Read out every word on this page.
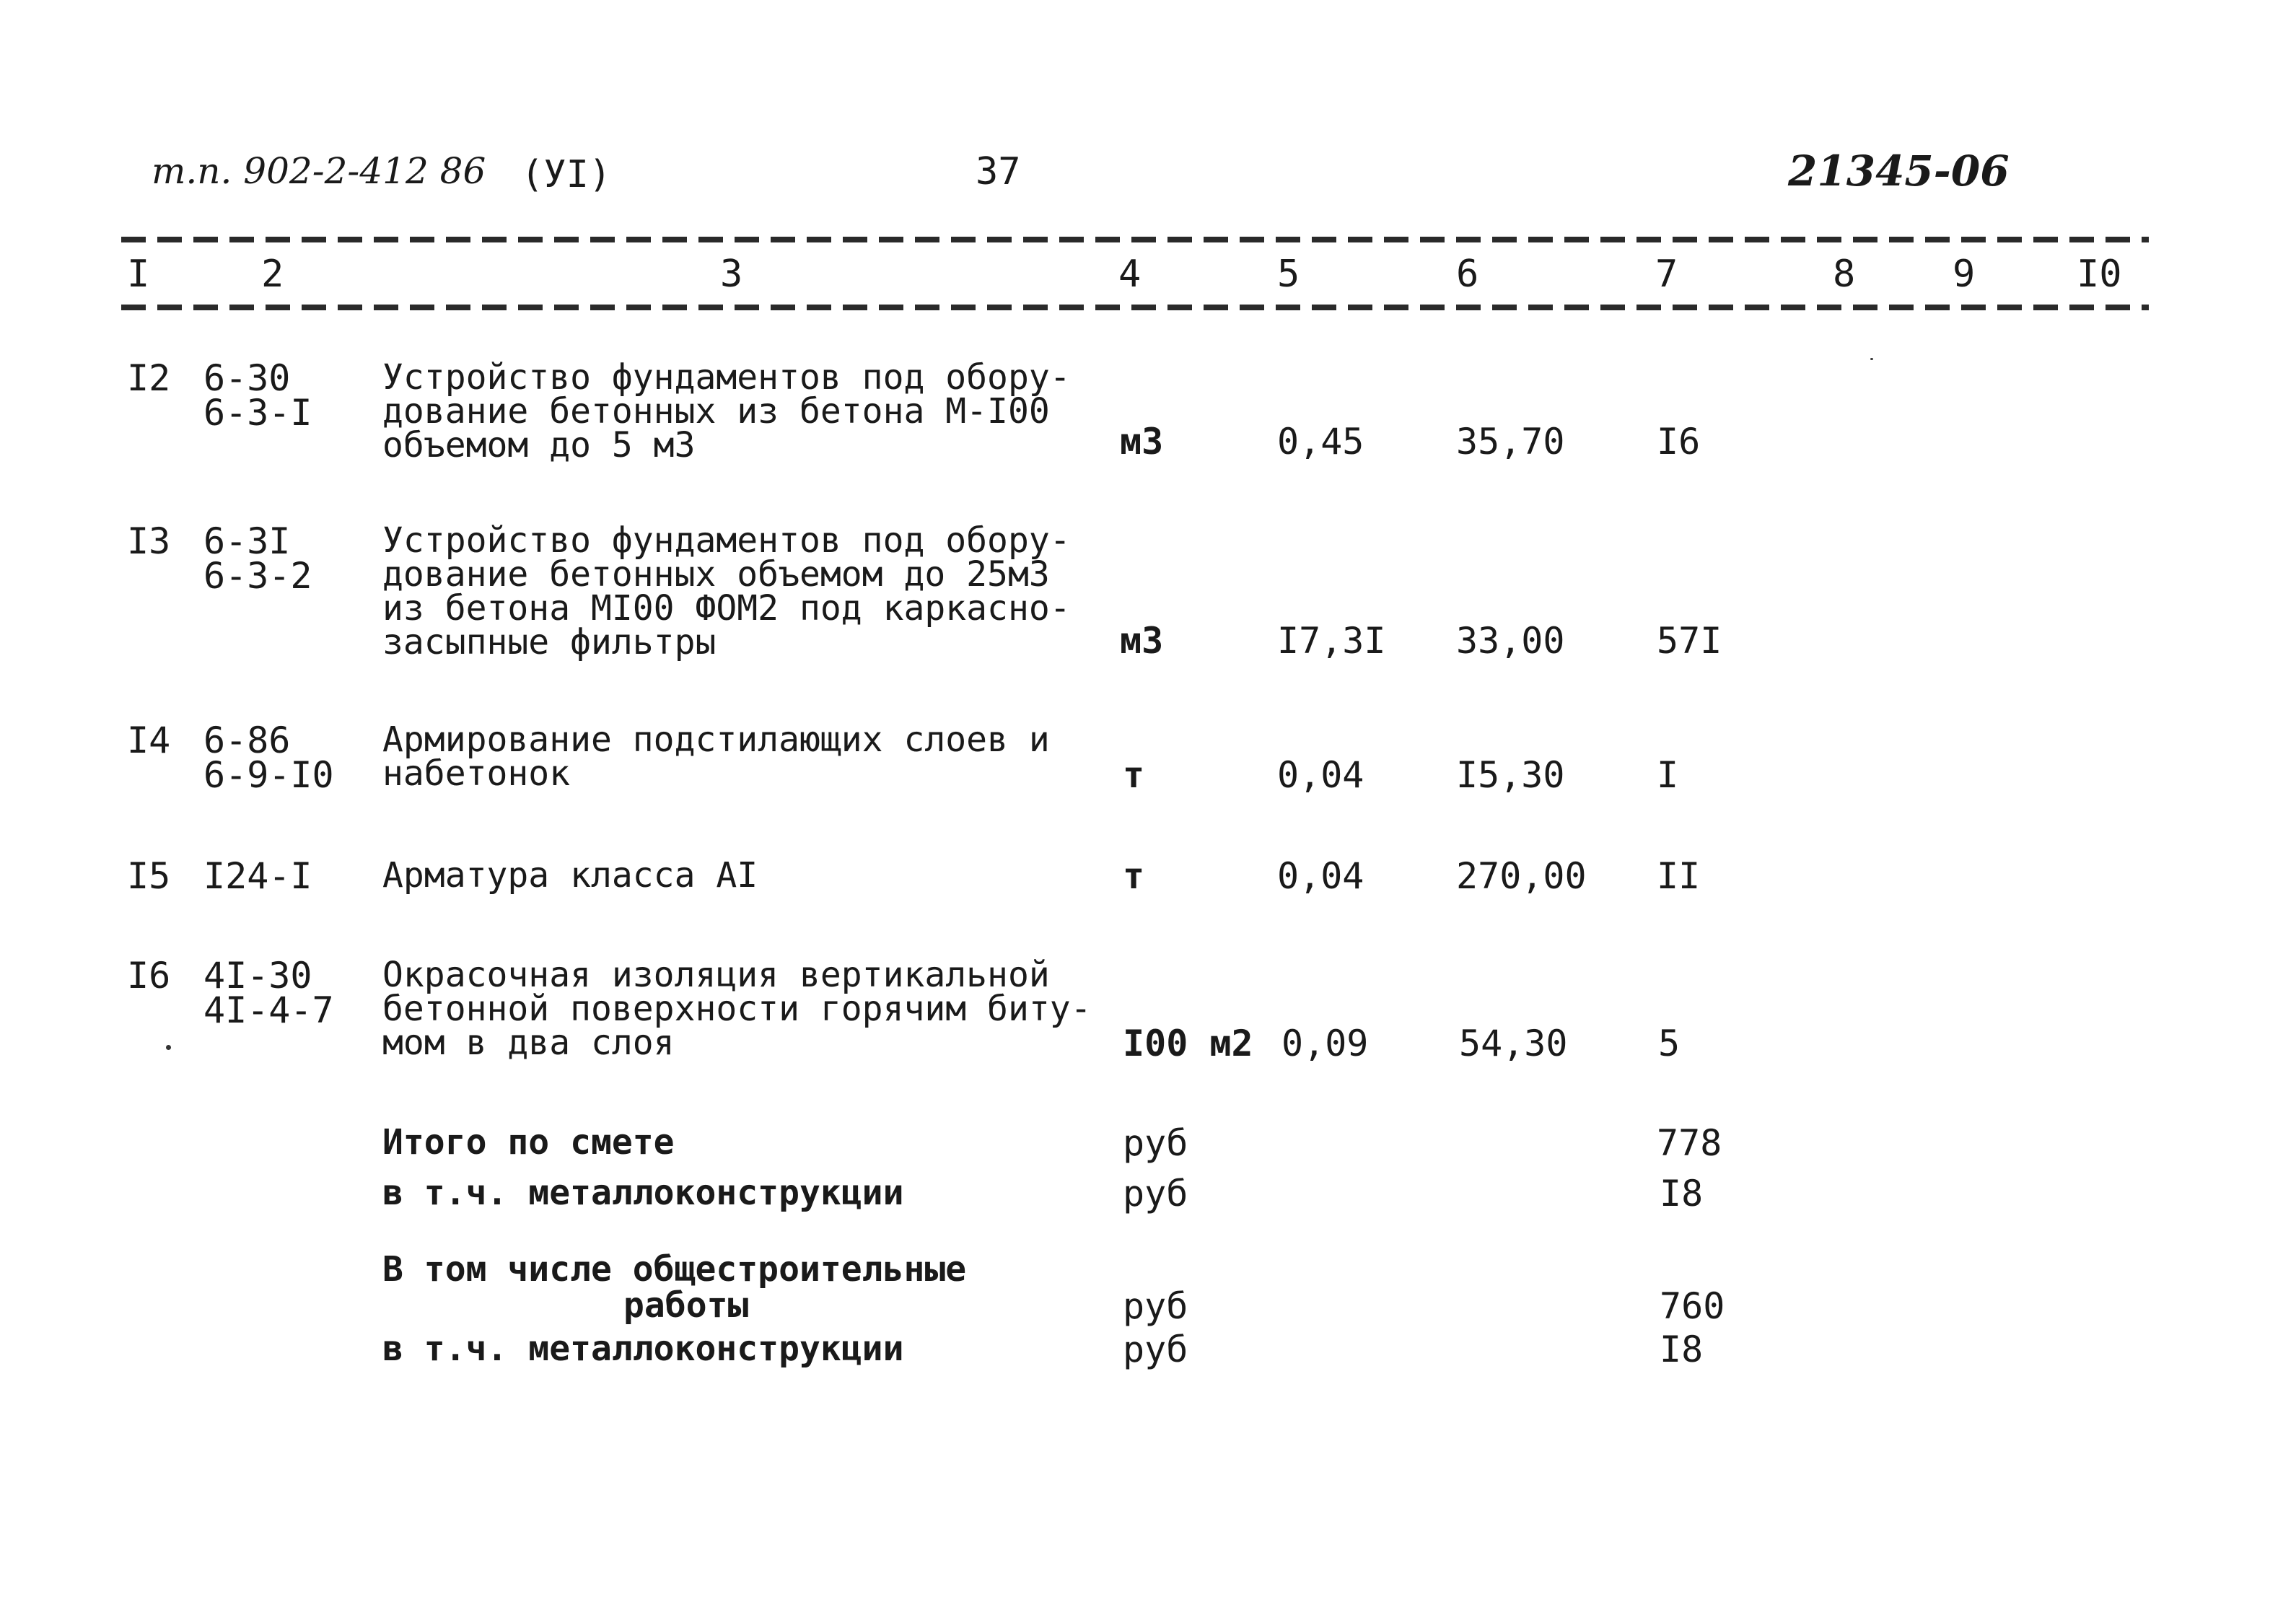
т.п. 902-2-412 86 (УI)	37	21345-06
I	2	3	4	5	6	7	8	9	I0
I2 6-30
6-3-I
Устройство фундаментов под обору-
дование бетонных из бетона М-I00
объемом до 5 м3	м3	0,45	35,70	I6
I3 6-3I
6-3-2
Устройство фундаментов под обору-
дование бетонных объемом до 25м3
из бетона МI00 ФОМ2 под каркасно-
засыпные фильтры	м3	I7,3I 33,00	57I
I4 6-86
6-9-I0
Армирование подстилающих слоев и
набетонок	т	0,04	I5,30	I
I5 I24-I Арматура класса АI	т	0,04	270,00 II
I6 4I-30
4I-4-7
Окрасочная изоляция вертикальной
бетонной поверхности горячим биту-
мом в два слоя	I00 м2 0,09	54,30	5
Итого по смете	руб	778
в т.ч. металлоконструкции	руб	I8
В том числе общестроительные
работы	руб	760
в т.ч. металлоконструкции	руб	I8
